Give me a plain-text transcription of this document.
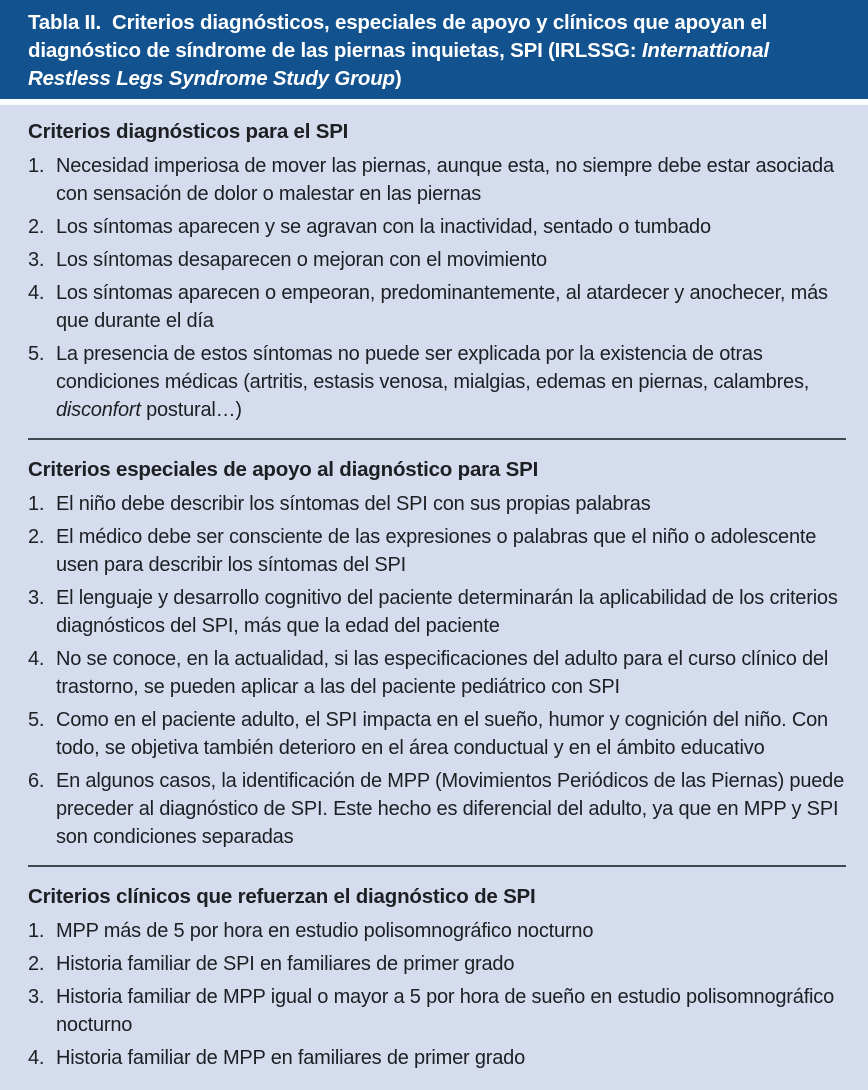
Tabla II.  Criterios diagnósticos, especiales de apoyo y clínicos que apoyan el diagnóstico de síndrome de las piernas inquietas, SPI (IRLSSG: Internattional Restless Legs Syndrome Study Group)
Criterios diagnósticos para el SPI
1. Necesidad imperiosa de mover las piernas, aunque esta, no siempre debe estar asociada con sensación de dolor o malestar en las piernas
2. Los síntomas aparecen y se agravan con la inactividad, sentado o tumbado
3. Los síntomas desaparecen o mejoran con el movimiento
4. Los síntomas aparecen o empeoran, predominantemente, al atardecer y anochecer, más que durante el día
5. La presencia de estos síntomas no puede ser explicada por la existencia de otras condiciones médicas (artritis, estasis venosa, mialgias, edemas en piernas, calambres, disconfort postural…)
Criterios especiales de apoyo al diagnóstico para SPI
1. El niño debe describir los síntomas del SPI con sus propias palabras
2. El médico debe ser consciente de las expresiones o palabras que el niño o adolescente usen para describir los síntomas del SPI
3. El lenguaje y desarrollo cognitivo del paciente determinarán la aplicabilidad de los criterios diagnósticos del SPI, más que la edad del paciente
4. No se conoce, en la actualidad, si las especificaciones del adulto para el curso clínico del trastorno, se pueden aplicar a las del paciente pediátrico con SPI
5. Como en el paciente adulto, el SPI impacta en el sueño, humor y cognición del niño. Con todo, se objetiva también deterioro en el área conductual y en el ámbito educativo
6. En algunos casos, la identificación de MPP (Movimientos Periódicos de las Piernas) puede preceder al diagnóstico de SPI. Este hecho es diferencial del adulto, ya que en MPP y SPI son condiciones separadas
Criterios clínicos que refuerzan el diagnóstico de SPI
1. MPP más de 5 por hora en estudio polisomnográfico nocturno
2. Historia familiar de SPI en familiares de primer grado
3. Historia familiar de MPP igual o mayor a 5 por hora de sueño en estudio polisomnográfico nocturno
4. Historia familiar de MPP en familiares de primer grado
